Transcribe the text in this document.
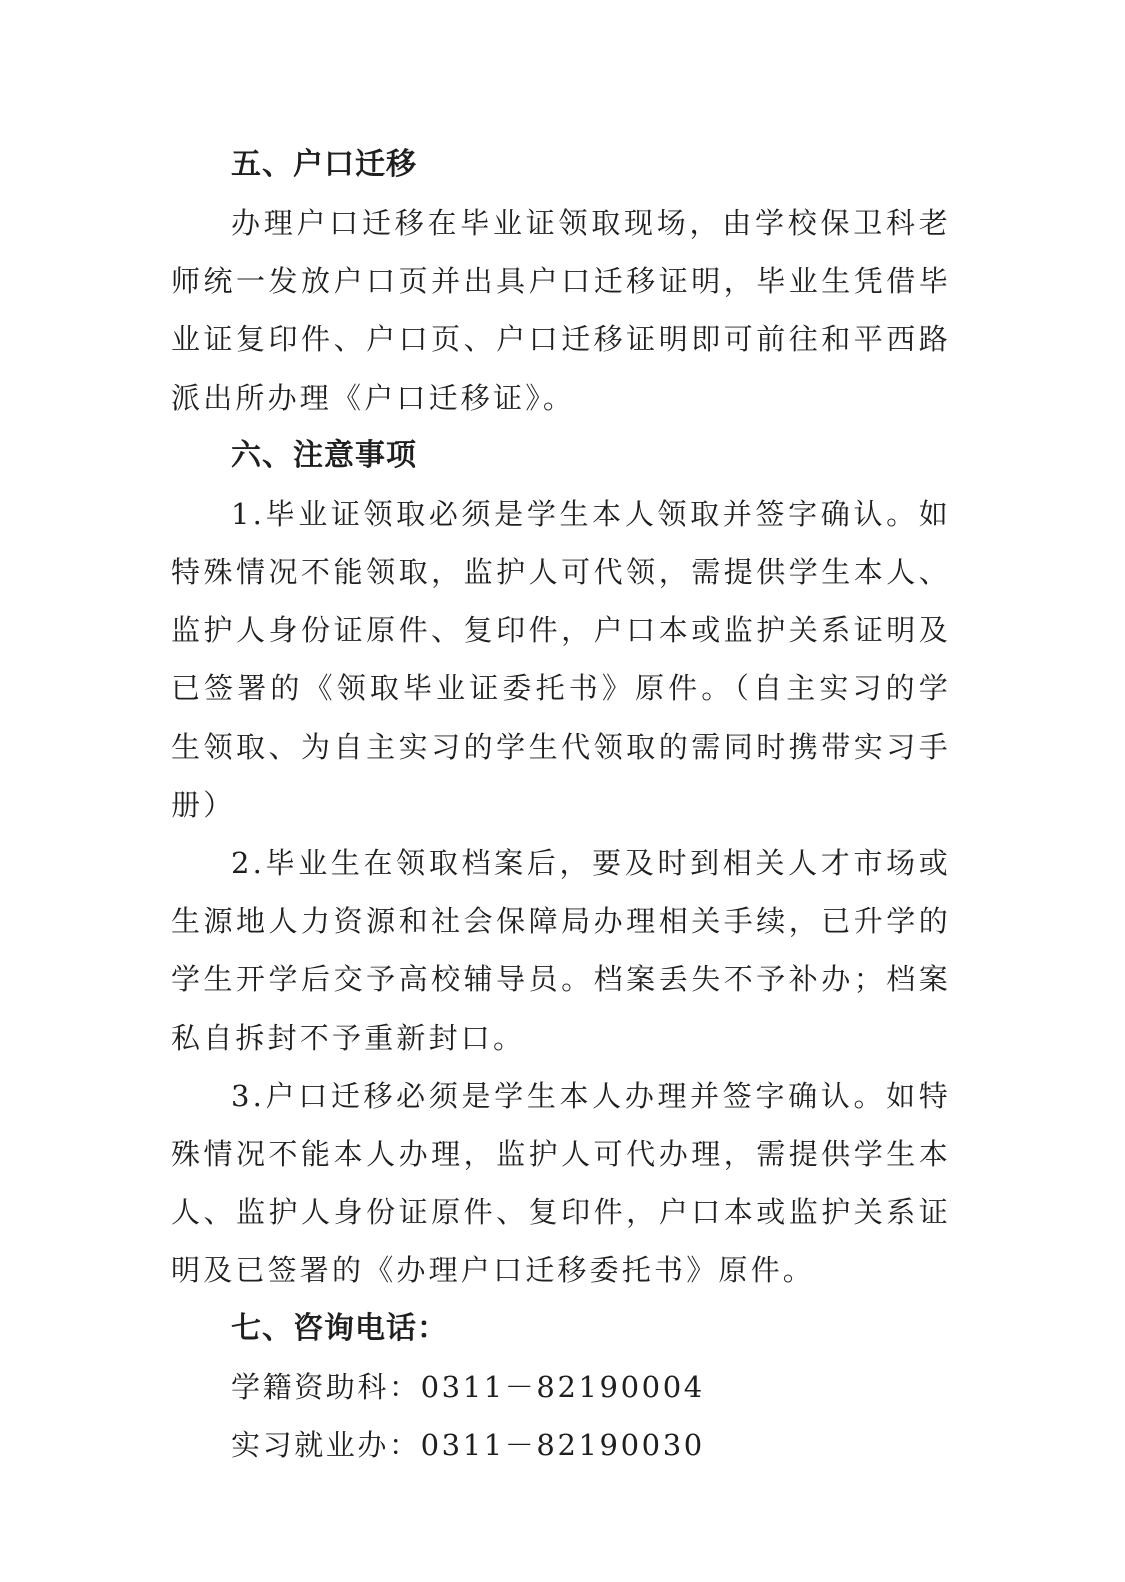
五、户口迁移

办理户口迁移在毕业证领取现场，由学校保卫科老师统一发放户口页并出具户口迁移证明，毕业生凭借毕业证复印件、户口页、户口迁移证明即可前往和平西路派出所办理《户口迁移证》。

六、注意事项

1.毕业证领取必须是学生本人领取并签字确认。如特殊情况不能领取，监护人可代领，需提供学生本人、监护人身份证原件、复印件，户口本或监护关系证明及已签署的《领取毕业证委托书》原件。（自主实习的学生领取、为自主实习的学生代领取的需同时携带实习手册）

2.毕业生在领取档案后，要及时到相关人才市场或生源地人力资源和社会保障局办理相关手续，已升学的学生开学后交予高校辅导员。档案丢失不予补办；档案私自拆封不予重新封口。

3.户口迁移必须是学生本人办理并签字确认。如特殊情况不能本人办理，监护人可代办理，需提供学生本人、监护人身份证原件、复印件，户口本或监护关系证明及已签署的《办理户口迁移委托书》原件。

七、咨询电话：

学籍资助科：0311－82190004

实习就业办：0311－82190030
